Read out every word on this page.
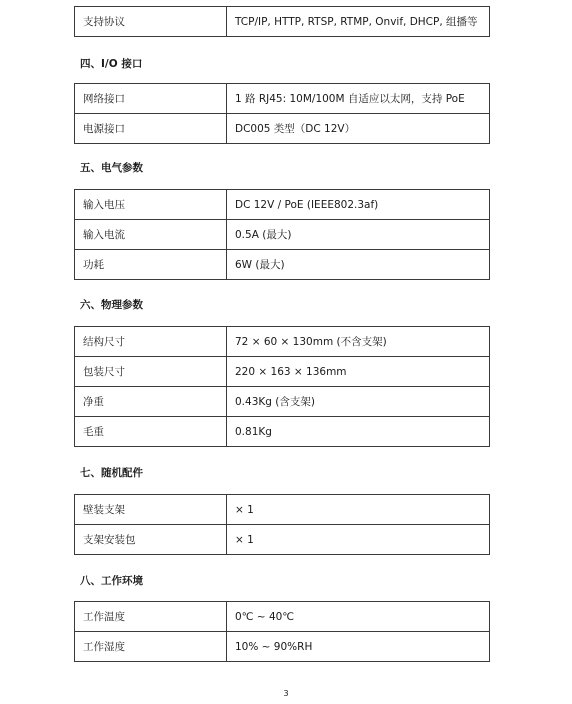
支持协议	TCP/IP, HTTP, RTSP, RTMP, Onvif, DHCP, 组播等
四、I/O 接口
网络接口	1 路 RJ45: 10M/100M 自适应以太网，支持 PoE
电源接口	DC005 类型（DC 12V）
五、电气参数
输入电压	DC 12V / PoE (IEEE802.3af)
输入电流	0.5A (最大)
功耗	6W (最大)
六、物理参数
结构尺寸	72 × 60 × 130mm (不含支架)
包装尺寸	220 × 163 × 136mm
净重	0.43Kg (含支架)
毛重	0.81Kg
七、随机配件
壁装支架	× 1
支架安装包	× 1
八、工作环境
工作温度	0℃ ~ 40℃
工作湿度	10% ~ 90%RH
3
